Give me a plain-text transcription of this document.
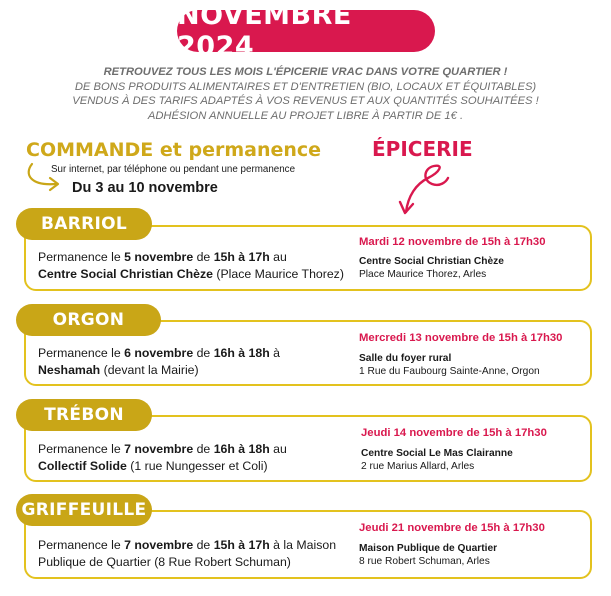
NOVEMBRE 2024
RETROUVEZ TOUS LES MOIS L'ÉPICERIE VRAC DANS VOTRE QUARTIER !
DE BONS PRODUITS ALIMENTAIRES ET D'ENTRETIEN (BIO, LOCAUX ET ÉQUITABLES)
VENDUS À DES TARIFS ADAPTÉS À VOS REVENUS ET AUX QUANTITÉS SOUHAITÉES !
ADHÉSION ANNUELLE AU PROJET LIBRE À PARTIR DE 1€ .
COMMANDE et permanence
Sur internet, par téléphone ou pendant une permanence
Du 3 au 10 novembre
ÉPICERIE
Permanence le 5 novembre de 15h à 17h au
Centre Social Christian Chèze (Place Maurice Thorez)
Mardi 12 novembre de 15h à 17h30
Centre Social Christian Chèze
Place Maurice Thorez, Arles
BARRIOL
Permanence le 6 novembre de 16h à 18h à
Neshamah (devant la Mairie)
Mercredi 13 novembre de 15h à 17h30
Salle du foyer rural
1 Rue du Faubourg Sainte-Anne, Orgon
ORGON
Permanence le 7 novembre de 16h à 18h au
Collectif Solide (1 rue Nungesser et Coli)
Jeudi 14 novembre de 15h à 17h30
Centre Social Le Mas Clairanne
2 rue Marius Allard, Arles
TRÉBON
Permanence le 7 novembre de 15h à 17h à la Maison
Publique de Quartier (8 Rue Robert Schuman)
Jeudi 21 novembre de 15h à 17h30
Maison Publique de Quartier
8 rue Robert Schuman, Arles
GRIFFEUILLE
